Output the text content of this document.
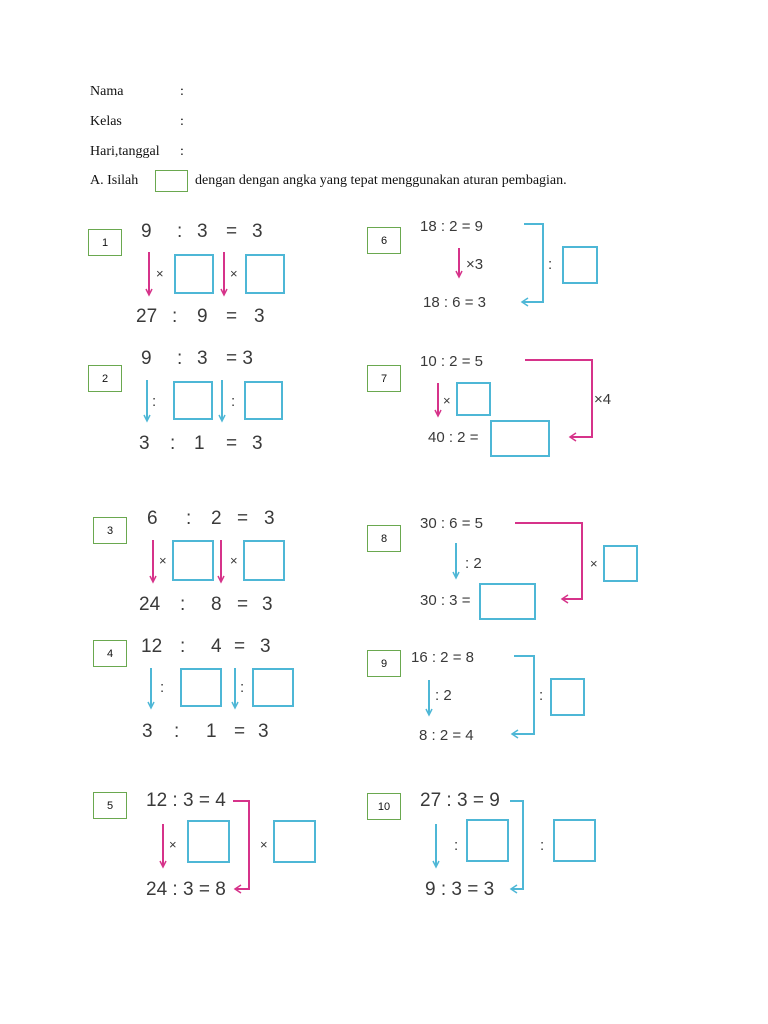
Nama	:
Kelas	:
Hari,tanggal :
A. Isilah	dengan dengan angka yang tepat menggunakan aturan pembagian.
1
2
3
4
5
6
7
8
9
10
9 : 3 = 3
×	×
27 : 9 = 3
9 : 3 = 3
:	:
3 : 1 = 3
6 : 2 = 3
×	×
24 : 8 = 3
12 : 4 = 3
:	:
3 : 1 = 3
12 : 3 = 4
×	×
24 : 3 = 8
18 : 2 = 9
×3	:
18 : 6 = 3
10 : 2 = 5
×	×4
40 : 2 =
30 : 6 = 5
: 2	×
30 : 3 =
16 : 2 = 8
: 2	:
8 : 2 = 4
27 : 3 = 9
:	:
9 : 3 = 3
